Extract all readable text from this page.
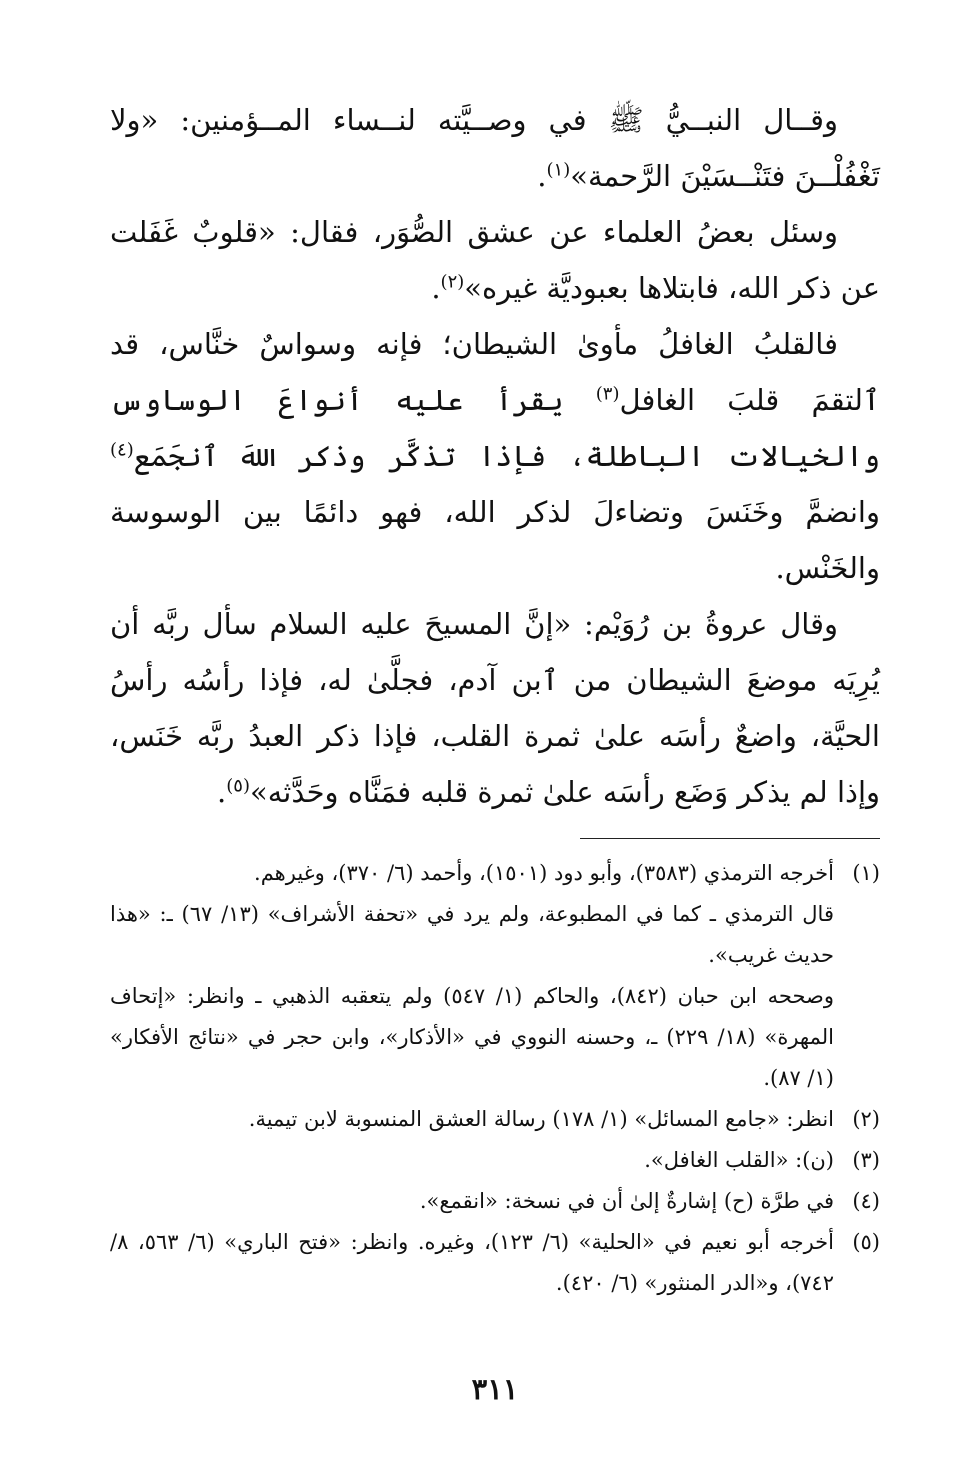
وقــال النبــيُّ ﷺ في وصــيَّته لنــساء المــؤمنين: «ولا تَغْفُلْــنَ فتَنْــسَيْنَ الرَّحمة»$^{(١)}$.

وسئل بعضُ العلماء عن عشق الصُّوَر، فقال: «قلوبٌ غَفَلت عن ذكر الله، فابتلاها بعبوديَّة غيره»$^{(٢)}$.

فالقلبُ الغافلُ مأوىٰ الشيطان؛ فإنه وسواسٌ خنَّاس، قد ٱلتقمَ قلبَ الغافل$^{(٣)}$ يقرأ عليه أنواعَ الوساوس والخيالات الباطلة، فإذا تذكَّر وذكر اللهَ ٱنجَمَع$^{(٤)}$ وانضمَّ وخَنَسَ وتضاءلَ لذكر الله، فهو دائمًا بين الوسوسة والخَنْس.

وقال عروةُ بن رُوَيْم: «إنَّ المسيحَ عليه السلام سأل ربَّه أن يُرِيَه موضعَ الشيطان من ٱبن آدم، فجلَّىٰ له، فإذا رأسُه رأسُ الحيَّة، واضعٌ رأسَه علىٰ ثمرة القلب، فإذا ذكر العبدُ ربَّه خَنَس، وإذا لم يذكر وَضَع رأسَه علىٰ ثمرة قلبه فمَنَّاه وحَدَّثه»$^{(٥)}$.

(١)

أخرجه الترمذي (٣٥٨٣)، وأبو دود (١٥٠١)، وأحمد (٦/ ٣٧٠)، وغيرهم.

قال الترمذي ـ كما في المطبوعة، ولم يرد في «تحفة الأشراف» (١٣/ ٦٧) ـ: «هذا حديث غريب».

وصححه ابن حبان (٨٤٢)، والحاكم (١/ ٥٤٧) ولم يتعقبه الذهبي ـ وانظر: «إتحاف المهرة» (١٨/ ٢٢٩) ـ، وحسنه النووي في «الأذكار»، وابن حجر في «نتائج الأفكار» (١/ ٨٧).

(٢)

انظر: «جامع المسائل» (١/ ١٧٨) رسالة العشق المنسوبة لابن تيمية.

(٣)

(ن): «القلب الغافل».

(٤)

في طرَّة (ح) إشارةٌ إلىٰ أن في نسخة: «انقمع».

(٥)

أخرجه أبو نعيم في «الحلية» (٦/ ١٢٣)، وغيره. وانظر: «فتح الباري» (٦/ ٥٦٣، ٨/ ٧٤٢)، و«الدر المنثور» (٦/ ٤٢٠).

٣١١
